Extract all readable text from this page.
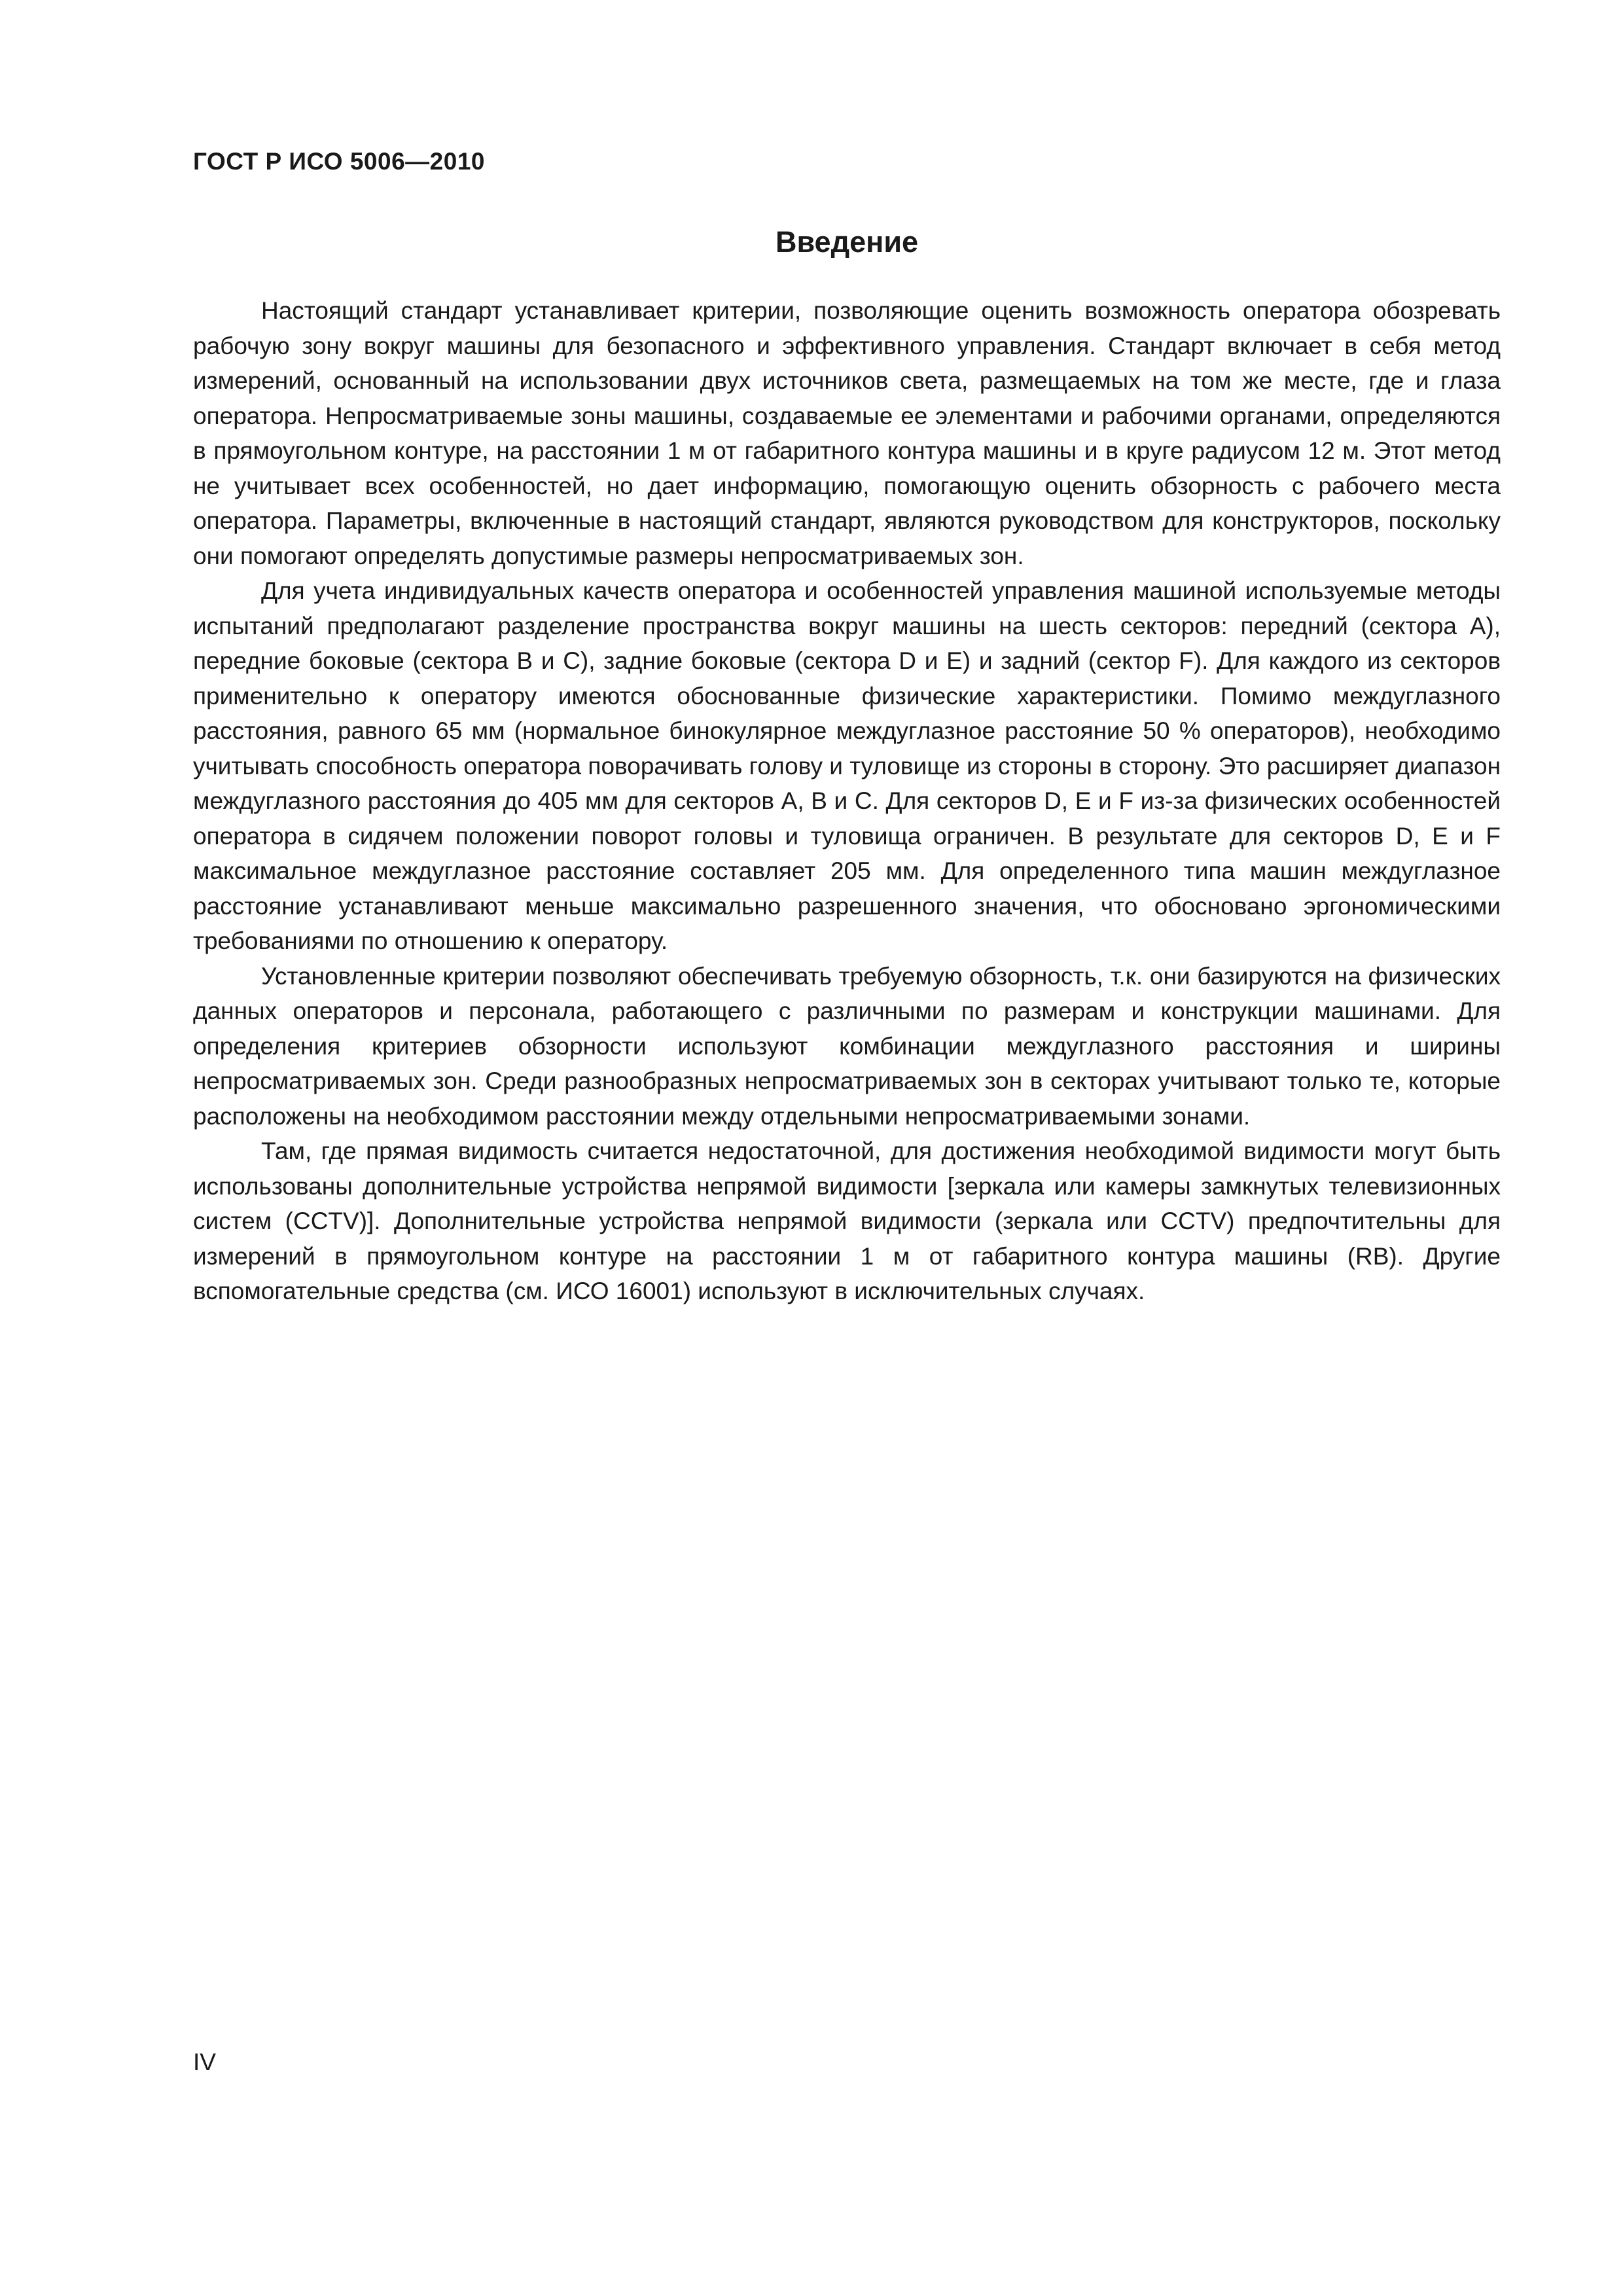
ГОСТ Р ИСО 5006—2010
Введение

Настоящий стандарт устанавливает критерии, позволяющие оценить возможность оператора обозревать рабочую зону вокруг машины для безопасного и эффективного управления. Стандарт включает в себя метод измерений, основанный на использовании двух источников света, размещаемых на том же месте, где и глаза оператора. Непросматриваемые зоны машины, создаваемые ее элементами и рабочими органами, определяются в прямоугольном контуре, на расстоянии 1 м от габаритного контура машины и в круге радиусом 12 м. Этот метод не учитывает всех особенностей, но дает информацию, помогающую оценить обзорность с рабочего места оператора. Параметры, включенные в настоящий стандарт, являются руководством для конструкторов, поскольку они помогают определять допустимые размеры непросматриваемых зон.

Для учета индивидуальных качеств оператора и особенностей управления машиной используемые методы испытаний предполагают разделение пространства вокруг машины на шесть секторов: передний (сектора A), передние боковые (сектора B и C), задние боковые (сектора D и E) и задний (сектор F). Для каждого из секторов применительно к оператору имеются обоснованные физические характеристики. Помимо междуглазного расстояния, равного 65 мм (нормальное бинокулярное междуглазное расстояние 50 % операторов), необходимо учитывать способность оператора поворачивать голову и туловище из стороны в сторону. Это расширяет диапазон междуглазного расстояния до 405 мм для секторов A, B и C. Для секторов D, E и F из-за физических особенностей оператора в сидячем положении поворот головы и туловища ограничен. В результате для секторов D, E и F максимальное междуглазное расстояние составляет 205 мм. Для определенного типа машин междуглазное расстояние устанавливают меньше максимально разрешенного значения, что обосновано эргономическими требованиями по отношению к оператору.

Установленные критерии позволяют обеспечивать требуемую обзорность, т.к. они базируются на физических данных операторов и персонала, работающего с различными по размерам и конструкции машинами. Для определения критериев обзорности используют комбинации междуглазного расстояния и ширины непросматриваемых зон. Среди разнообразных непросматриваемых зон в секторах учитывают только те, которые расположены на необходимом расстоянии между отдельными непросматриваемыми зонами.

Там, где прямая видимость считается недостаточной, для достижения необходимой видимости могут быть использованы дополнительные устройства непрямой видимости [зеркала или камеры замкнутых телевизионных систем (CCTV)]. Дополнительные устройства непрямой видимости (зеркала или CCTV) предпочтительны для измерений в прямоугольном контуре на расстоянии 1 м от габаритного контура машины (RB). Другие вспомогательные средства (см. ИСО 16001) используют в исключительных случаях.

IV
